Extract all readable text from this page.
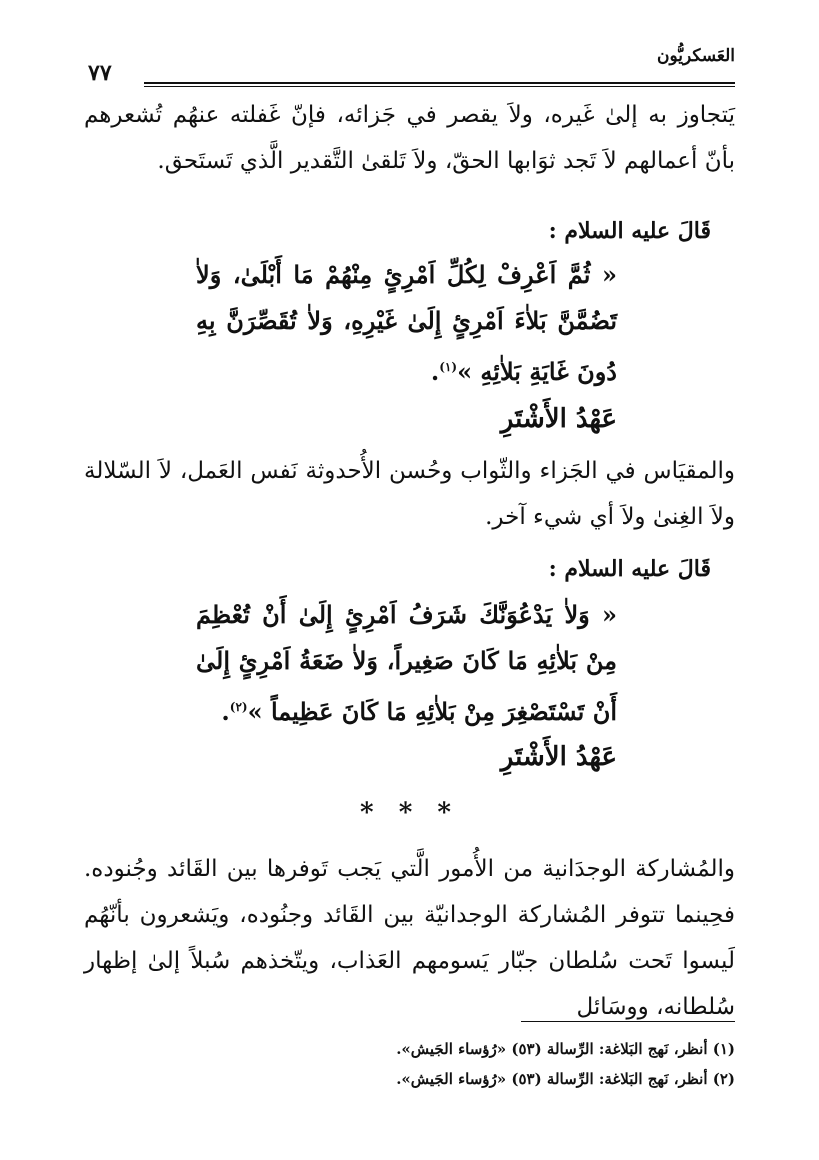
العَسكريُّون
٧٧

يَتجاوز به إلىٰ غَيره، ولاَ يقصر في جَزائه، فإنّ غَفلته عنهُم تُشعرهم بأنّ أعمالهم لاَ تَجد ثوَابها الحقّ، ولاَ تَلقىٰ التَّقدير الَّذي تَستَحق.

قَالَ عليه السلام :

« ثُمَّ اَعْرِفْ لِكُلِّ اَمْرِئٍ مِنْهُمْ مَا أَبْلَىٰ، وَلاٰ تَضُمَّنَّ بَلاٰءَ اَمْرِئٍ إِلَىٰ غَيْرِهِ، وَلاٰ تُقَصِّرَنَّ بِهِ دُونَ غَايَةِ بَلاٰئِهِ »$^{(١)}$.

عَهْدُ الأَشْتَرِ

والمقيَاس في الجَزاء والثّواب وحُسن الأُحدوثة نَفس العَمل، لاَ السّلالة ولاَ الغِنىٰ ولاَ أي شيء آخر.

قَالَ عليه السلام :

« وَلاٰ يَدْعُوَنَّكَ شَرَفُ اَمْرِئٍ إِلَىٰ أَنْ تُعْظِمَ مِنْ بَلاٰئِهِ مَا كَانَ صَغِيراً، وَلاٰ ضَعَةُ اَمْرِئٍ إِلَىٰ أَنْ تَسْتَصْغِرَ مِنْ بَلاٰئِهِ مَا كَانَ عَظِيماً »$^{(٢)}$.

عَهْدُ الأَشْتَرِ
* * *

والمُشاركة الوجدَانية من الأُمور الَّتي يَجب تَوفرها بين القَائد وجُنوده. فحِينما تتوفر المُشاركة الوجدانيّة بين القَائد وجنُوده، ويَشعرون بأنّهُم لَيسوا تَحت سُلطان جبّار يَسومهم العَذاب، ويتّخذهم سُبلاً إلىٰ إظهار سُلطانه، ووسَائل

(١) أنظر، نَهج البَلاغة: الرِّسالة (٥٣) «رُؤساء الجَيش».
(٢) أنظر، نَهج البَلاغة: الرِّسالة (٥٣) «رُؤساء الجَيش».
